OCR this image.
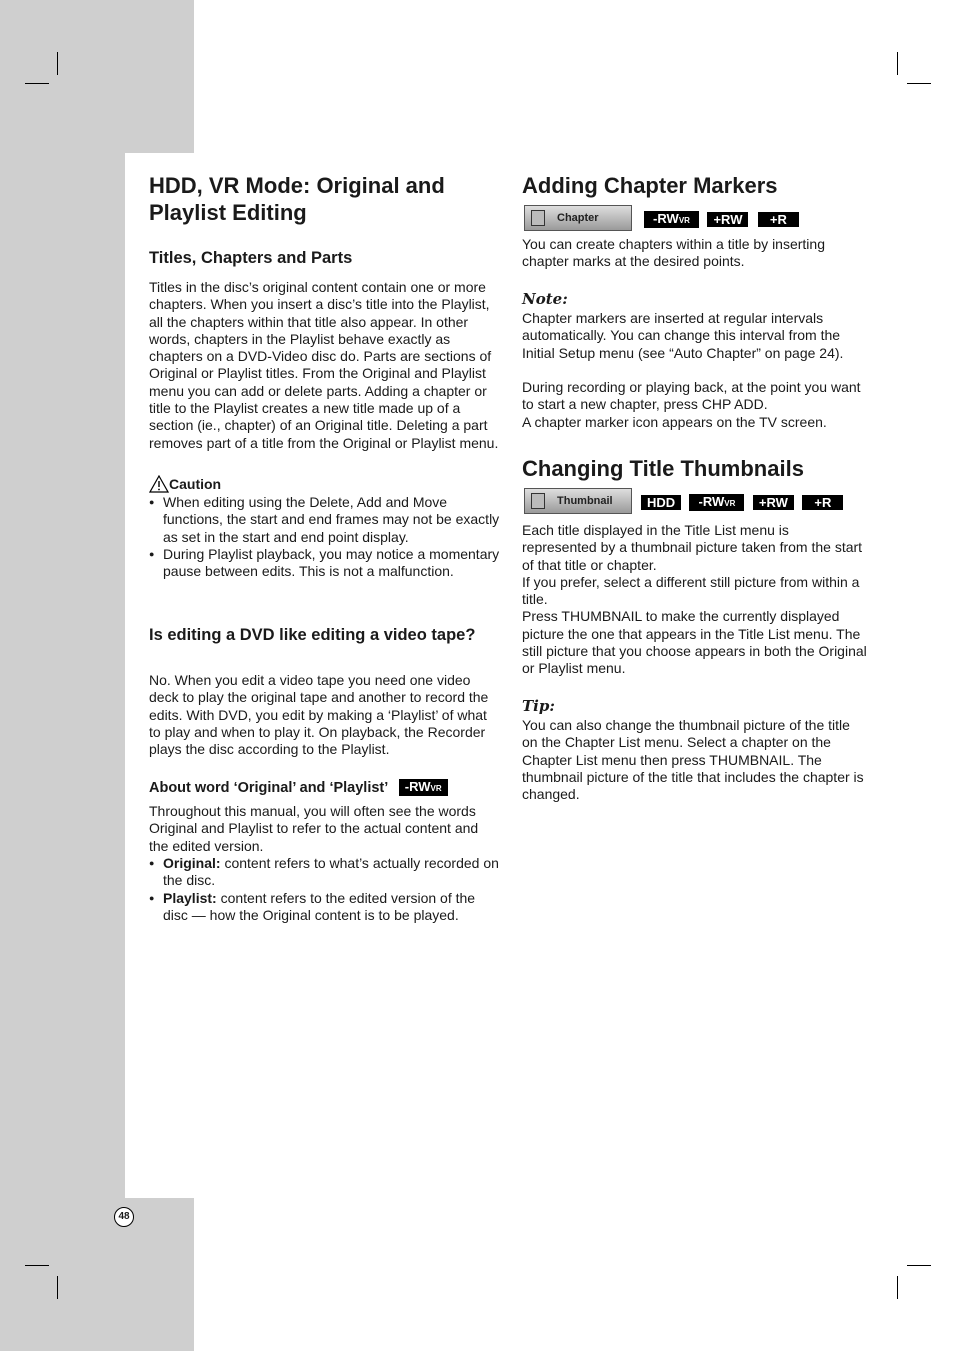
HDD, VR Mode: Original and Playlist Editing
Titles, Chapters and Parts

Titles in the disc’s original content contain one or more chapters. When you insert a disc’s title into the Playlist, all the chapters within that title also appear. In other words, chapters in the Playlist behave exactly as chapters on a DVD-Video disc do. Parts are sections of Original or Playlist titles. From the Original and Playlist menu you can add or delete parts. Adding a chapter or title to the Playlist creates a new title made up of a section (ie., chapter) of an Original title. Deleting a part removes part of a title from the Original or Playlist menu.

Caution
● When editing using the Delete, Add and Move functions, the start and end frames may not be exactly as set in the start and end point display.
● During Playlist playback, you may notice a momentary pause between edits. This is not a malfunction.
Is editing a DVD like editing a video tape?

No. When you edit a video tape you need one video deck to play the original tape and another to record the edits. With DVD, you edit by making a ‘Playlist’ of what to play and when to play it. On playback, the Recorder plays the disc according to the Playlist.

About word ‘Original’ and ‘Playlist’ -RWVR

Throughout this manual, you will often see the words Original and Playlist to refer to the actual content and the edited version.

● Original: content refers to what’s actually recorded on the disc.
● Playlist: content refers to the edited version of the disc — how the Original content is to be played.
Adding Chapter Markers
Chapter	-RWVR +RW +R

You can create chapters within a title by inserting chapter marks at the desired points.

Note:

Chapter markers are inserted at regular intervals automatically. You can change this interval from the Initial Setup menu (see “Auto Chapter” on page 24).

During recording or playing back, at the point you want to start a new chapter, press CHP ADD.
A chapter marker icon appears on the TV screen.

Changing Title Thumbnails
Thumbnail	HDD -RWVR +RW +R

Each title displayed in the Title List menu is represented by a thumbnail picture taken from the start of that title or chapter.
If you prefer, select a different still picture from within a title.
Press THUMBNAIL to make the currently displayed picture the one that appears in the Title List menu. The still picture that you choose appears in both the Original or Playlist menu.

Tip:

You can also change the thumbnail picture of the title on the Chapter List menu. Select a chapter on the Chapter List menu then press THUMBNAIL. The thumbnail picture of the title that includes the chapter is changed.

48
